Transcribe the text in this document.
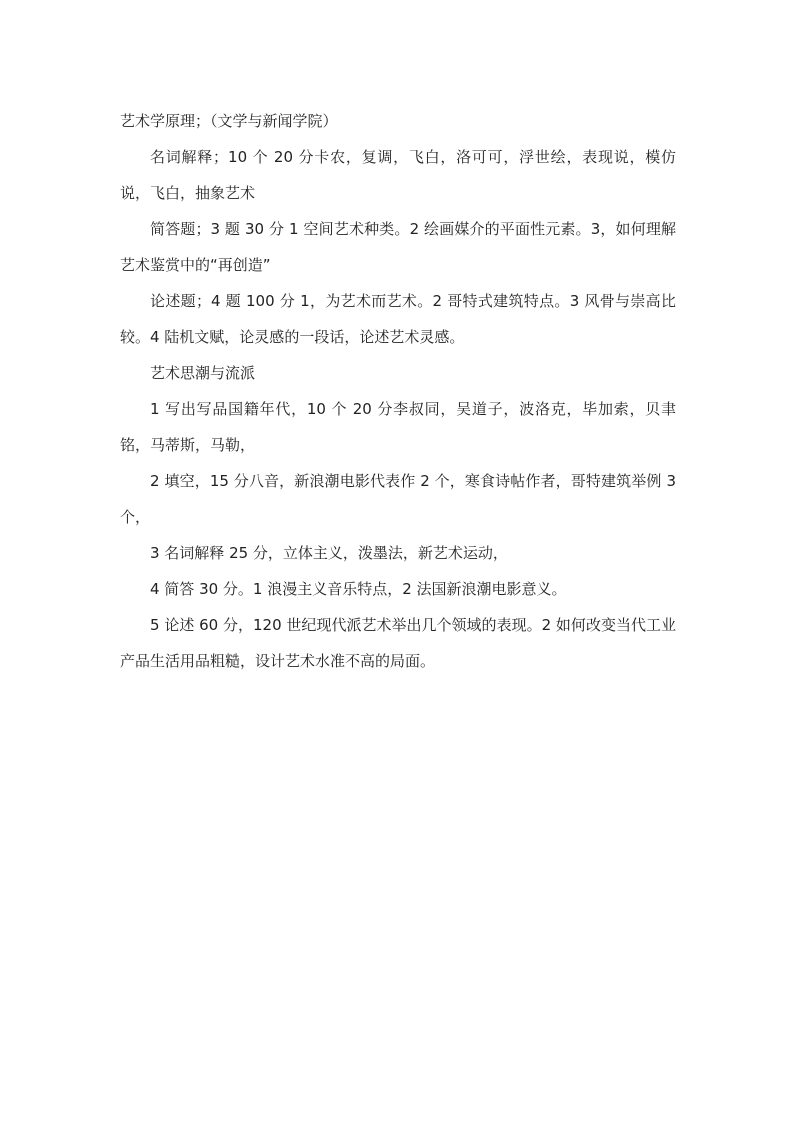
艺术学原理；（文学与新闻学院）

名词解释；10 个 20 分卡农，复调，飞白，洛可可，浮世绘，表现说，模仿说，飞白，抽象艺术

简答题；3 题 30 分 1 空间艺术种类。2 绘画媒介的平面性元素。3，如何理解艺术鉴赏中的“再创造”

论述题；4 题 100 分 1，为艺术而艺术。2 哥特式建筑特点。3 风骨与崇高比较。4 陆机文赋，论灵感的一段话，论述艺术灵感。

艺术思潮与流派

1 写出写品国籍年代，10 个 20 分李叔同，吴道子，波洛克，毕加索，贝聿铭，马蒂斯，马勒，

2 填空，15 分八音，新浪潮电影代表作 2 个，寒食诗帖作者，哥特建筑举例 3 个，

3 名词解释 25 分，立体主义，泼墨法，新艺术运动，

4 简答 30 分。1 浪漫主义音乐特点，2 法国新浪潮电影意义。

5 论述 60 分，120 世纪现代派艺术举出几个领域的表现。2 如何改变当代工业产品生活用品粗糙，设计艺术水准不高的局面。
